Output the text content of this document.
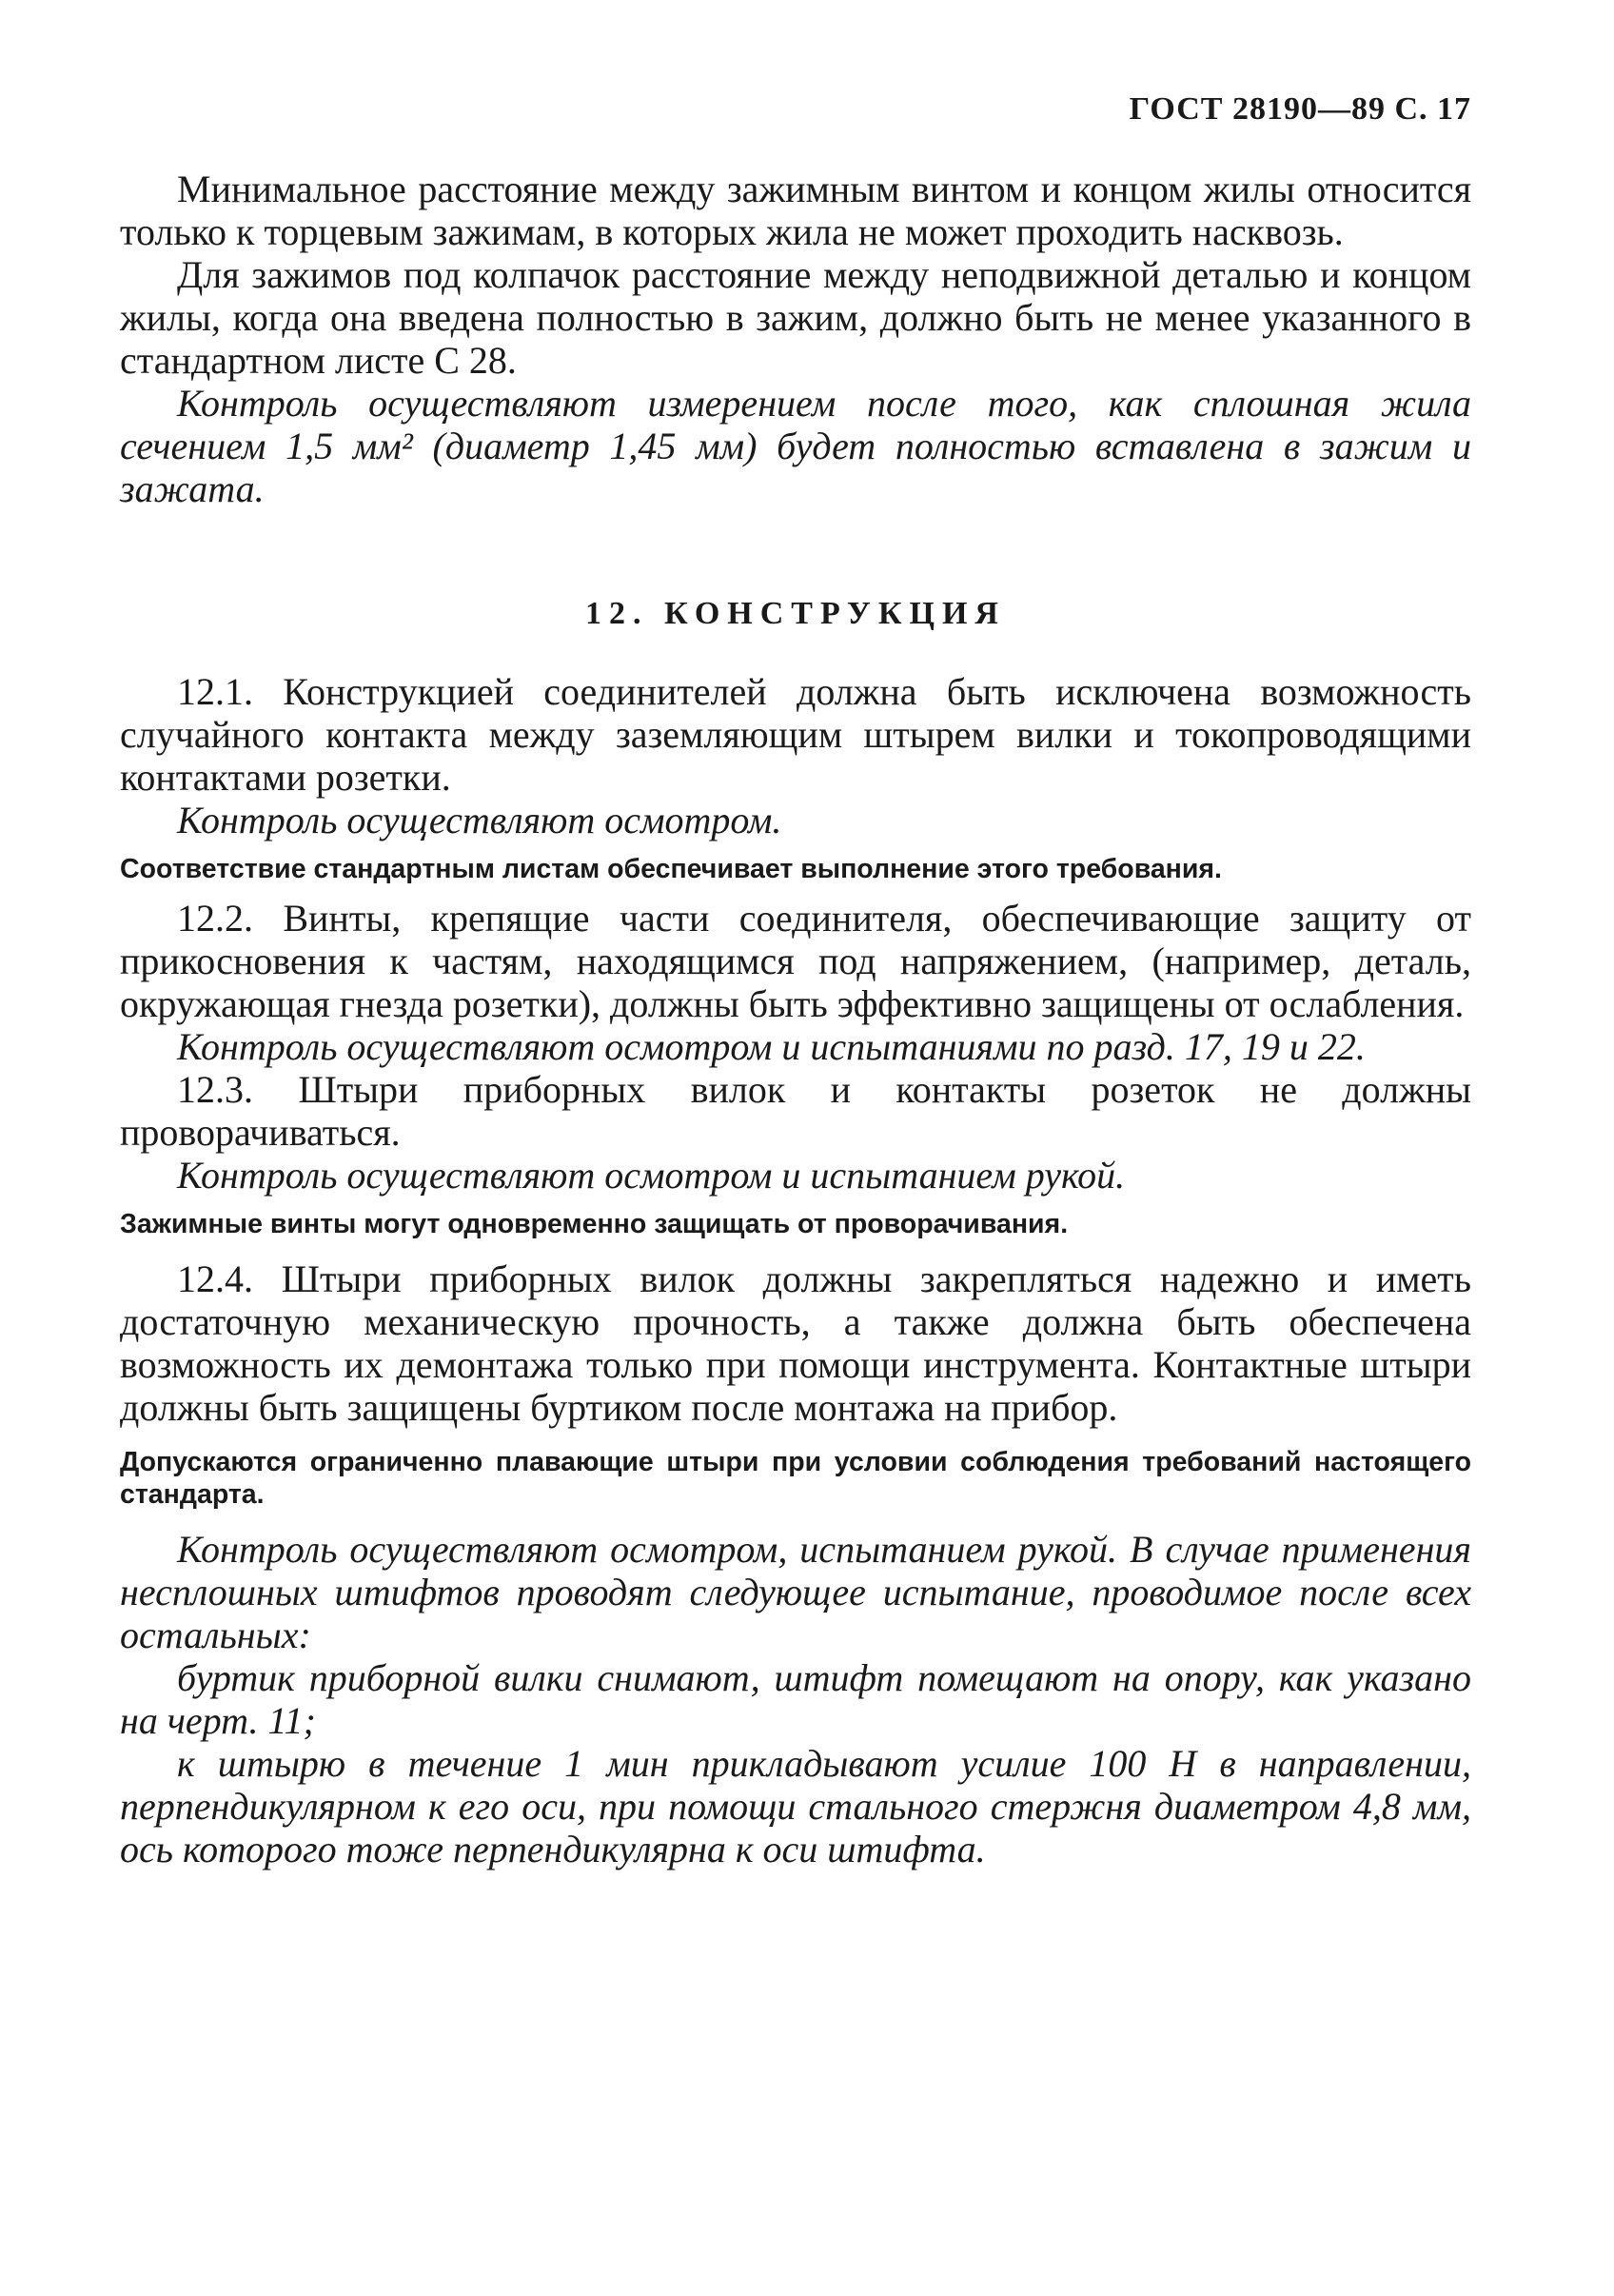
ГОСТ 28190—89 С. 17

Минимальное расстояние между зажимным винтом и концом жилы относится только к торцевым зажимам, в которых жила не может проходить насквозь.

Для зажимов под колпачок расстояние между неподвижной деталью и концом жилы, когда она введена полностью в зажим, должно быть не менее указанного в стандартном листе С 28.

Контроль осуществляют измерением после того, как сплошная жила сечением 1,5 мм² (диаметр 1,45 мм) будет полностью вставлена в зажим и зажата.

12. КОНСТРУКЦИЯ

12.1. Конструкцией соединителей должна быть исключена возможность случайного контакта между заземляющим штырем вилки и токопроводящими контактами розетки.

Контроль осуществляют осмотром.

Соответствие стандартным листам обеспечивает выполнение этого требования.

12.2. Винты, крепящие части соединителя, обеспечивающие защиту от прикосновения к частям, находящимся под напряжением, (например, деталь, окружающая гнезда розетки), должны быть эффективно защищены от ослабления.

Контроль осуществляют осмотром и испытаниями по разд. 17, 19 и 22.

12.3. Штыри приборных вилок и контакты розеток не должны проворачиваться.

Контроль осуществляют осмотром и испытанием рукой.

Зажимные винты могут одновременно защищать от проворачивания.

12.4. Штыри приборных вилок должны закрепляться надежно и иметь достаточную механическую прочность, а также должна быть обеспечена возможность их демонтажа только при помощи инструмента. Контактные штыри должны быть защищены буртиком после монтажа на прибор.

Допускаются ограниченно плавающие штыри при условии соблюдения требований настоящего стандарта.

Контроль осуществляют осмотром, испытанием рукой. В случае применения несплошных штифтов проводят следующее испытание, проводимое после всех остальных:

буртик приборной вилки снимают, штифт помещают на опору, как указано на черт. 11;

к штырю в течение 1 мин прикладывают усилие 100 Н в направлении, перпендикулярном к его оси, при помощи стального стержня диаметром 4,8 мм, ось которого тоже перпендикулярна к оси штифта.
